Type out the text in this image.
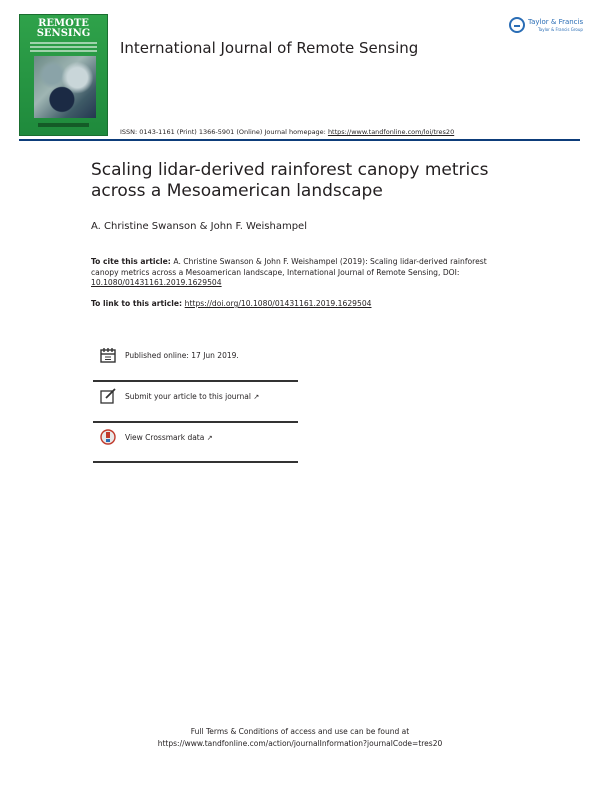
REMOTE
SENSING
International Journal of Remote Sensing
Taylor & Francis
Taylor & Francis Group
ISSN: 0143-1161 (Print) 1366-5901 (Online) Journal homepage: https://www.tandfonline.com/loi/tres20
Scaling lidar-derived rainforest canopy metrics across a Mesoamerican landscape
A. Christine Swanson & John F. Weishampel
To cite this article: A. Christine Swanson & John F. Weishampel (2019): Scaling lidar-derived rainforest canopy metrics across a Mesoamerican landscape, International Journal of Remote Sensing, DOI: 10.1080/01431161.2019.1629504
To link to this article: https://doi.org/10.1080/01431161.2019.1629504
Published online: 17 Jun 2019.
Submit your article to this journal ↗
View Crossmark data ↗
Full Terms & Conditions of access and use can be found at
https://www.tandfonline.com/action/journalInformation?journalCode=tres20
